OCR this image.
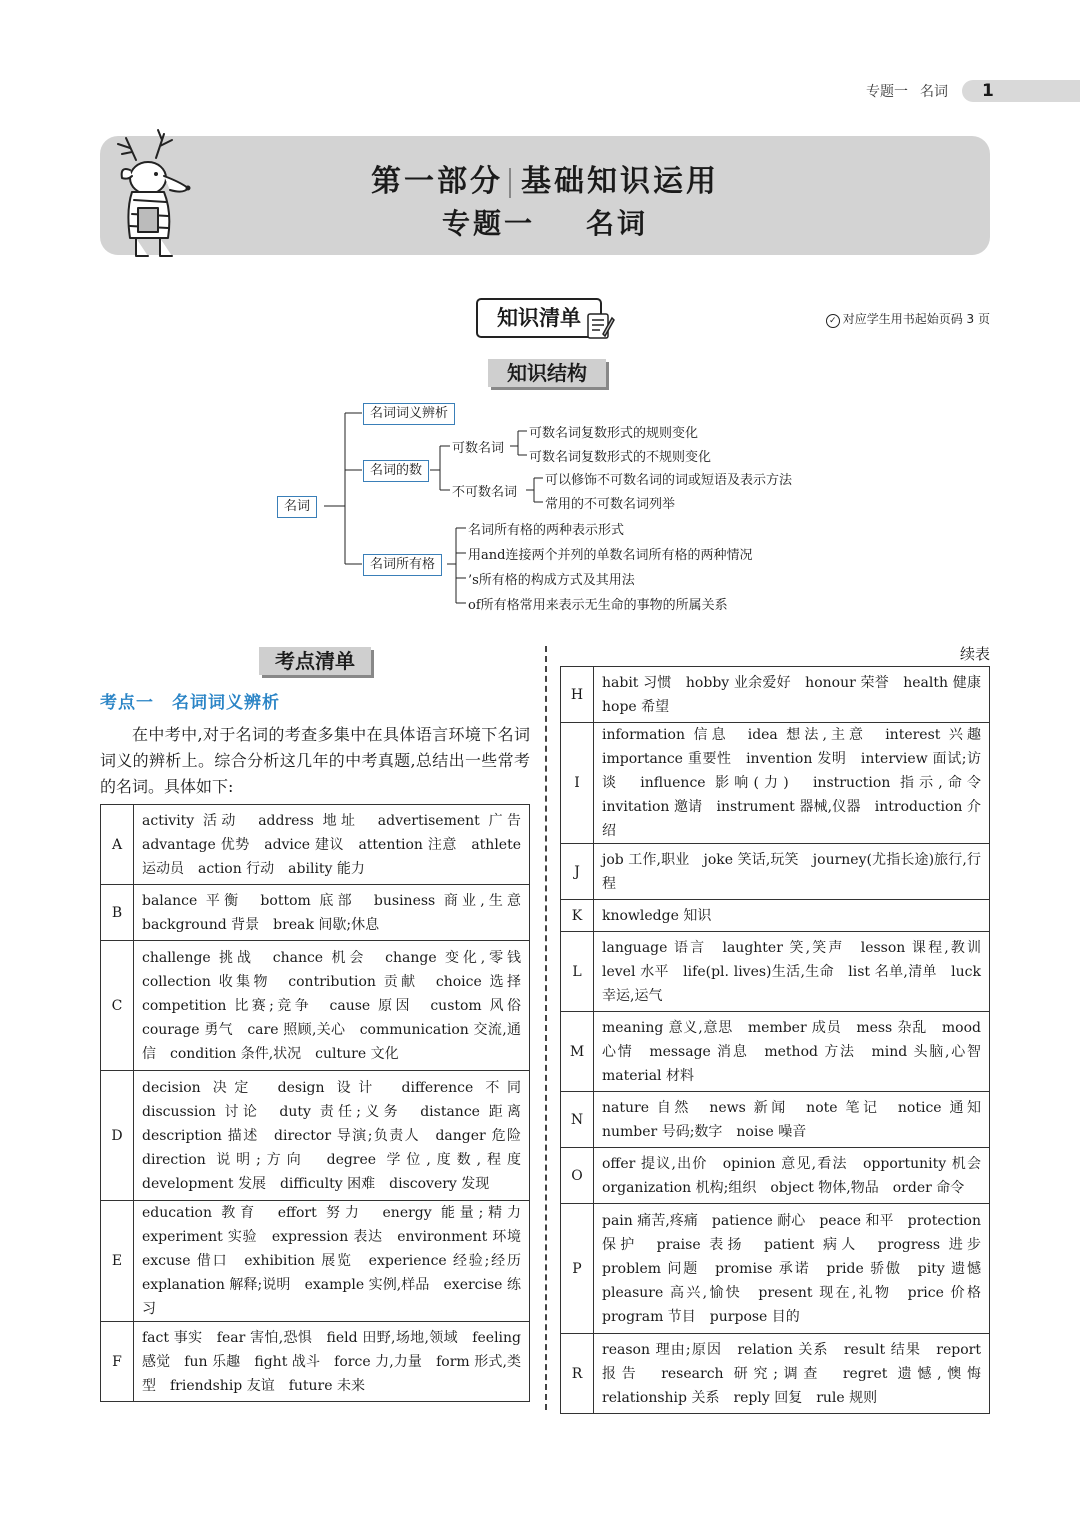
专题一 名词	1
第一部分 基础知识运用
专题一 名词
知识清单	✓ 对应学生用书起始页码 3 页
知识结构
名词
名词词义辨析
名词的数
名词所有格
可数名词
不可数名词
可数名词复数形式的规则变化
可数名词复数形式的不规则变化
可以修饰不可数名词的词或短语及表示方法
常用的不可数名词列举
名词所有格的两种表示形式
用and连接两个并列的单数名词所有格的两种情况
’s所有格的构成方式及其用法
of所有格常用来表示无生命的事物的所属关系
考点清单
考点一　名词词义辨析
在中考中,对于名词的考查多集中在具体语言环境下名词词义的辨析上。综合分析这几年的中考真题,总结出一些常考的名词。具体如下:
续表
A	activity 活动　address 地址　advertisement 广告　advantage 优势　advice 建议　attention 注意　athlete 运动员　action 行动　ability 能力
B	balance 平衡　bottom 底部　business 商业,生意　background 背景　break 间歇;休息
C	challenge 挑战　chance 机会　change 变化,零钱　collection 收集物　contribution 贡献　choice 选择　competition 比赛;竞争　cause 原因　custom 风俗　courage 勇气　care 照顾,关心　communication 交流,通信　condition 条件,状况　culture 文化
D	decision 决定　design 设计　difference 不同　discussion 讨论　duty 责任;义务　distance 距离　description 描述　director 导演;负责人　danger 危险　direction 说明;方向　degree 学位,度数,程度　development 发展　difficulty 困难　discovery 发现
E	education 教育　effort 努力　energy 能量;精力　experiment 实验　expression 表达　environment 环境　excuse 借口　exhibition 展览　experience 经验;经历　explanation 解释;说明　example 实例,样品　exercise 练习
F	fact 事实　fear 害怕,恐惧　field 田野,场地,领域　feeling 感觉　fun 乐趣　fight 战斗　force 力,力量　form 形式,类型　friendship 友谊　future 未来
H	habit 习惯　hobby 业余爱好　honour 荣誉　health 健康　hope 希望
I	information 信息　idea 想法,主意　interest 兴趣　importance 重要性　invention 发明　interview 面试;访谈　influence 影响(力)　instruction 指示,命令　invitation 邀请　instrument 器械,仪器　introduction 介绍
J	job 工作,职业　joke 笑话,玩笑　journey(尤指长途)旅行,行程
K	knowledge 知识
L	language 语言　laughter 笑,笑声　lesson 课程,教训　level 水平　life(pl. lives)生活,生命　list 名单,清单　luck 幸运,运气
M	meaning 意义,意思　member 成员　mess 杂乱　mood 心情　message 消息　method 方法　mind 头脑,心智　material 材料
N	nature 自然　news 新闻　note 笔记　notice 通知　number 号码;数字　noise 噪音
O	offer 提议,出价　opinion 意见,看法　opportunity 机会　organization 机构;组织　object 物体,物品　order 命令
P	pain 痛苦,疼痛　patience 耐心　peace 和平　protection 保护　praise 表扬　patient 病人　progress 进步　problem 问题　promise 承诺　pride 骄傲　pity 遗憾　pleasure 高兴,愉快　present 现在,礼物　price 价格　program 节目　purpose 目的
R	reason 理由;原因　relation 关系　result 结果　report 报告　research 研究;调查　regret 遗憾,懊悔　relationship 关系　reply 回复　rule 规则
